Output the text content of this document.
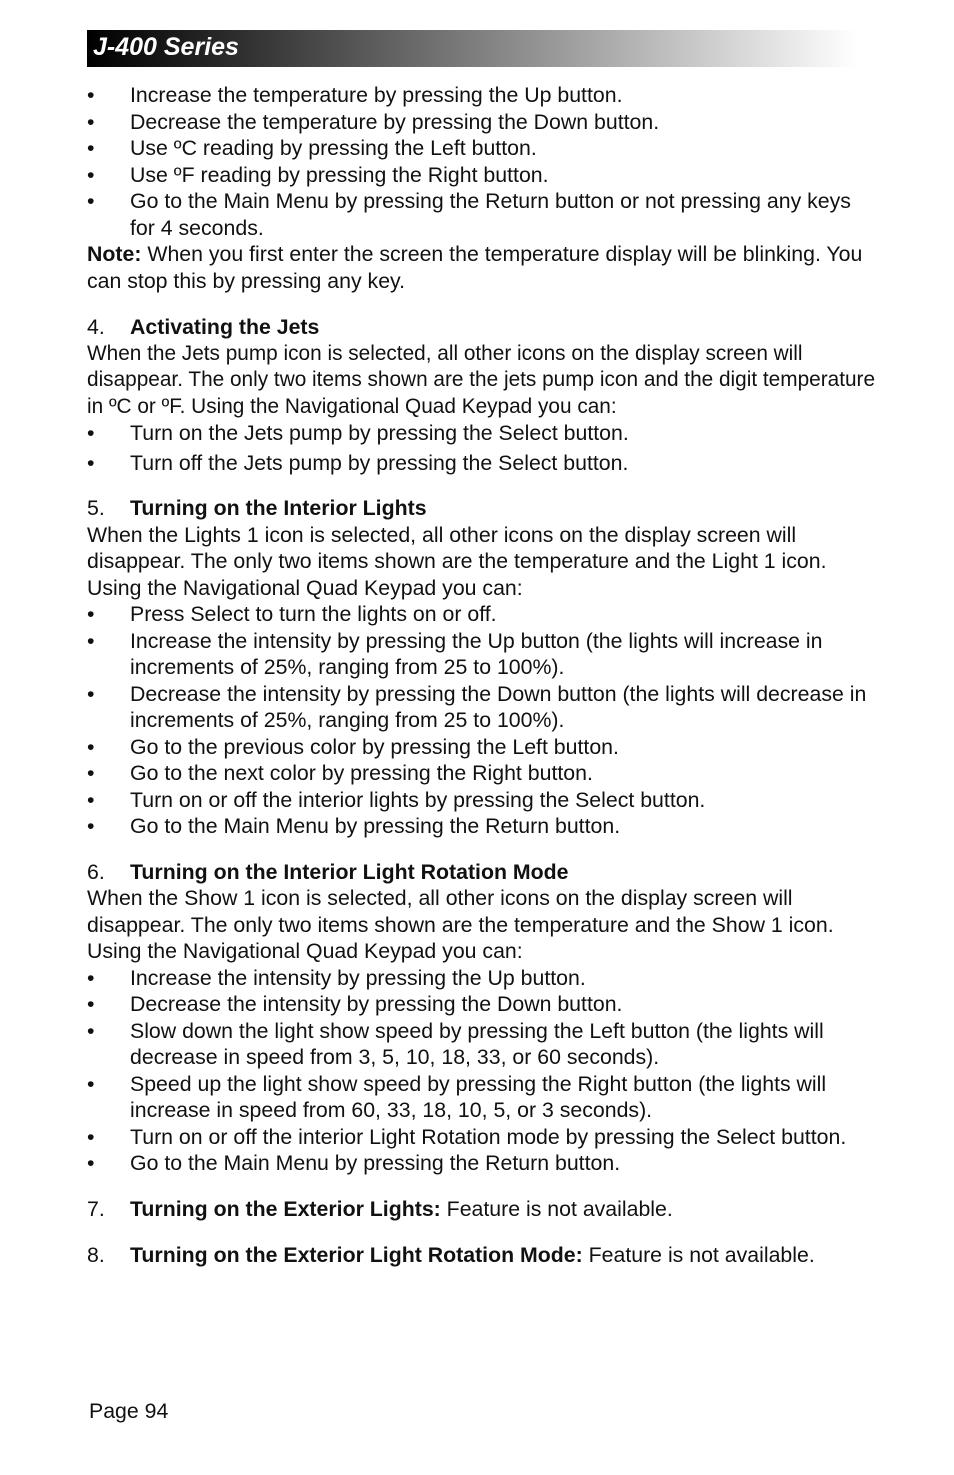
J-400 Series
• Increase the temperature by pressing the Up button.
• Decrease the temperature by pressing the Down button.
• Use ºC reading by pressing the Left button.
• Use ºF reading by pressing the Right button.
• Go to the Main Menu by pressing the Return button or not pressing any keys for 4 seconds.
Note: When you first enter the screen the temperature display will be blinking. You can stop this by pressing any key.
4. Activating the Jets
When the Jets pump icon is selected, all other icons on the display screen will disappear. The only two items shown are the jets pump icon and the digit temperature in ºC or ºF. Using the Navigational Quad Keypad you can:
• Turn on the Jets pump by pressing the Select button.
• Turn off the Jets pump by pressing the Select button.
5. Turning on the Interior Lights
When the Lights 1 icon is selected, all other icons on the display screen will disappear. The only two items shown are the temperature and the Light 1 icon. Using the Navigational Quad Keypad you can:
• Press Select to turn the lights on or off.
• Increase the intensity by pressing the Up button (the lights will increase in increments of 25%, ranging from 25 to 100%).
• Decrease the intensity by pressing the Down button (the lights will decrease in increments of 25%, ranging from 25 to 100%).
• Go to the previous color by pressing the Left button.
• Go to the next color by pressing the Right button.
• Turn on or off the interior lights by pressing the Select button.
• Go to the Main Menu by pressing the Return button.
6. Turning on the Interior Light Rotation Mode
When the Show 1 icon is selected, all other icons on the display screen will disappear. The only two items shown are the temperature and the Show 1 icon. Using the Navigational Quad Keypad you can:
• Increase the intensity by pressing the Up button.
• Decrease the intensity by pressing the Down button.
• Slow down the light show speed by pressing the Left button (the lights will decrease in speed from 3, 5, 10, 18, 33, or 60 seconds).
• Speed up the light show speed by pressing the Right button (the lights will increase in speed from 60, 33, 18, 10, 5, or 3 seconds).
• Turn on or off the interior Light Rotation mode by pressing the Select button.
• Go to the Main Menu by pressing the Return button.
7. Turning on the Exterior Lights: Feature is not available.
8. Turning on the Exterior Light Rotation Mode: Feature is not available.
Page 94
